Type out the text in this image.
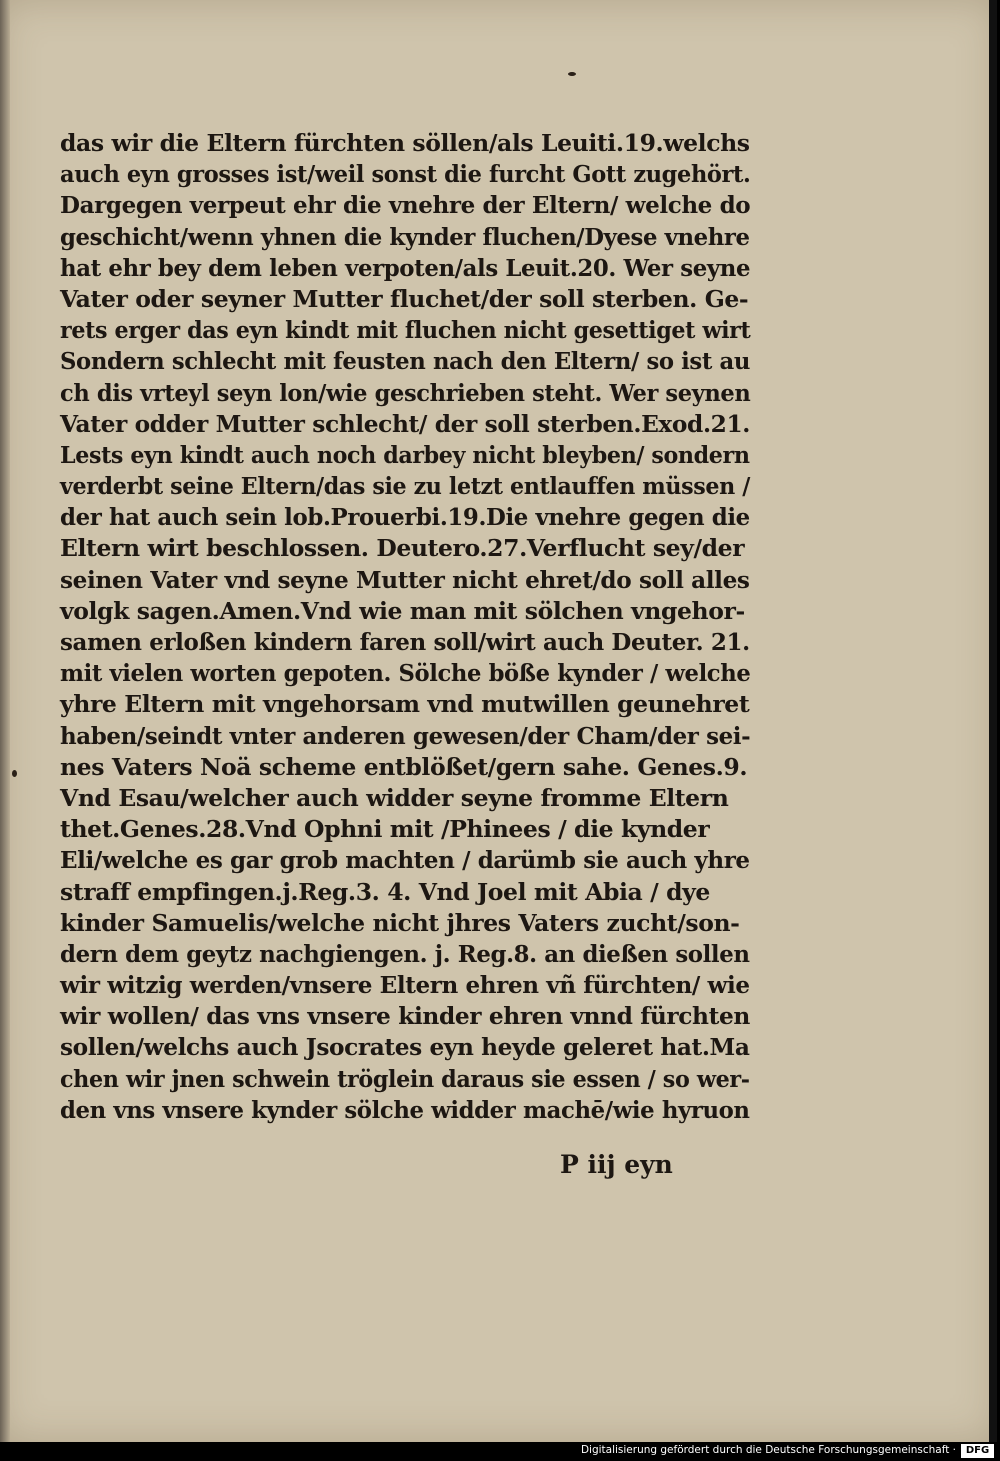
das wir die Eltern fürchten söllen/als Leuiti.19.welchs
auch eyn grosses ist/weil sonst die furcht Gott zugehört.
Dargegen verpeut ehr die vnehre der Eltern/ welche do
geschicht/wenn yhnen die kynder fluchen/Dyese vnehre
hat ehr bey dem leben verpoten/als Leuit.20. Wer seyne
Vater oder seyner Mutter fluchet/der soll sterben. Ge-
rets erger das eyn kindt mit fluchen nicht gesettiget wirt
Sondern schlecht mit feusten nach den Eltern/ so ist au
ch dis vrteyl seyn lon/wie geschrieben steht. Wer seynen
Vater odder Mutter schlecht/ der soll sterben.Exod.21.
Lests eyn kindt auch noch darbey nicht bleyben/ sondern
verderbt seine Eltern/das sie zu letzt entlauffen müssen /
der hat auch sein lob.Prouerbi.19.Die vnehre gegen die
Eltern wirt beschlossen. Deutero.27.Verflucht sey/der
seinen Vater vnd seyne Mutter nicht ehret/do soll alles
volgk sagen.Amen.Vnd wie man mit sölchen vngehor-
samen erloßen kindern faren soll/wirt auch Deuter. 21.
mit vielen worten gepoten. Sölche böße kynder / welche
yhre Eltern mit vngehorsam vnd mutwillen geunehret
haben/seindt vnter anderen gewesen/der Cham/der sei-
nes Vaters Noä scheme entblößet/gern sahe. Genes.9.
Vnd Esau/welcher auch widder seyne fromme Eltern
thet.Genes.28.Vnd Ophni mit /Phinees / die kynder
Eli/welche es gar grob machten / darümb sie auch yhre
straff empfingen.j.Reg.3. 4. Vnd Joel mit Abia / dye
kinder Samuelis/welche nicht jhres Vaters zucht/son-
dern dem geytz nachgiengen. j. Reg.8. an dießen sollen
wir witzig werden/vnsere Eltern ehren vñ fürchten/ wie
wir wollen/ das vns vnsere kinder ehren vnnd fürchten
sollen/welchs auch Jsocrates eyn heyde geleret hat.Ma
chen wir jnen schwein tröglein daraus sie essen / so wer-
den vns vnsere kynder sölche widder machē/wie hyruon
P iij eyn
Digitalisierung gefördert durch die Deutsche Forschungsgemeinschaft · DFG
